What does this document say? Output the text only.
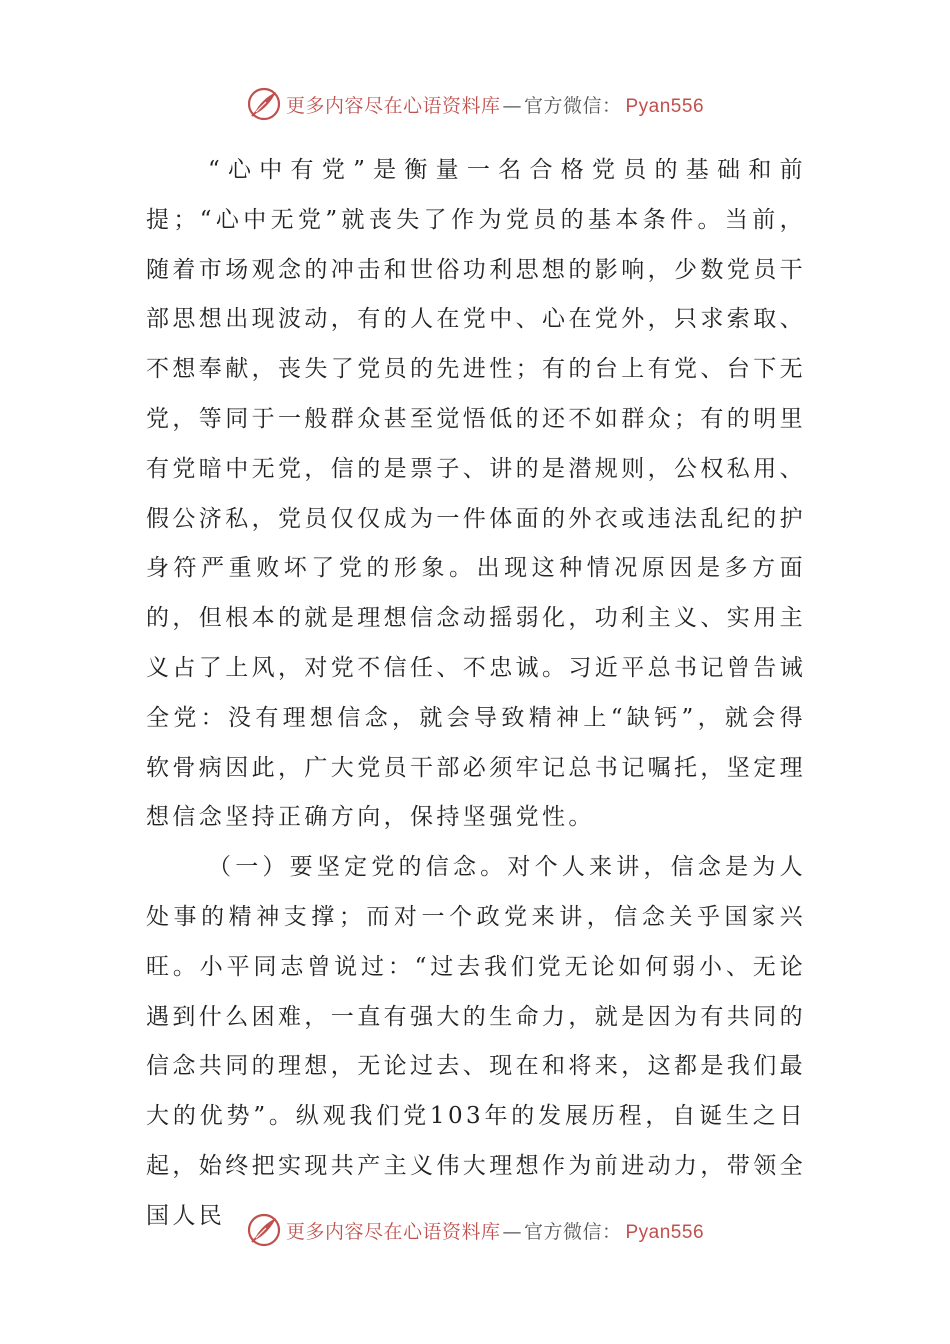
更多内容尽在心语资料库 — 官方微信： Pyan556

“心中有党”是衡量一名合格党员的基础和前提；“心中无党”就丧失了作为党员的基本条件。当前，随着市场观念的冲击和世俗功利思想的影响，少数党员干部思想出现波动，有的人在党中、心在党外，只求索取、不想奉献，丧失了党员的先进性；有的台上有党、台下无党，等同于一般群众甚至觉悟低的还不如群众；有的明里有党暗中无党，信的是票子、讲的是潜规则，公权私用、假公济私，党员仅仅成为一件体面的外衣或违法乱纪的护身符严重败坏了党的形象。出现这种情况原因是多方面的，但根本的就是理想信念动摇弱化，功利主义、实用主义占了上风，对党不信任、不忠诚。习近平总书记曾告诫全党：没有理想信念，就会导致精神上“缺钙”，就会得软骨病因此，广大党员干部必须牢记总书记嘱托，坚定理想信念坚持正确方向，保持坚强党性。

（一）要坚定党的信念。对个人来讲，信念是为人处事的精神支撑；而对一个政党来讲，信念关乎国家兴旺。小平同志曾说过：“过去我们党无论如何弱小、无论遇到什么困难，一直有强大的生命力，就是因为有共同的信念共同的理想，无论过去、现在和将来，这都是我们最大的优势”。纵观我们党103年的发展历程，自诞生之日起，始终把实现共产主义伟大理想作为前进动力，带领全国人民

更多内容尽在心语资料库 — 官方微信： Pyan556
